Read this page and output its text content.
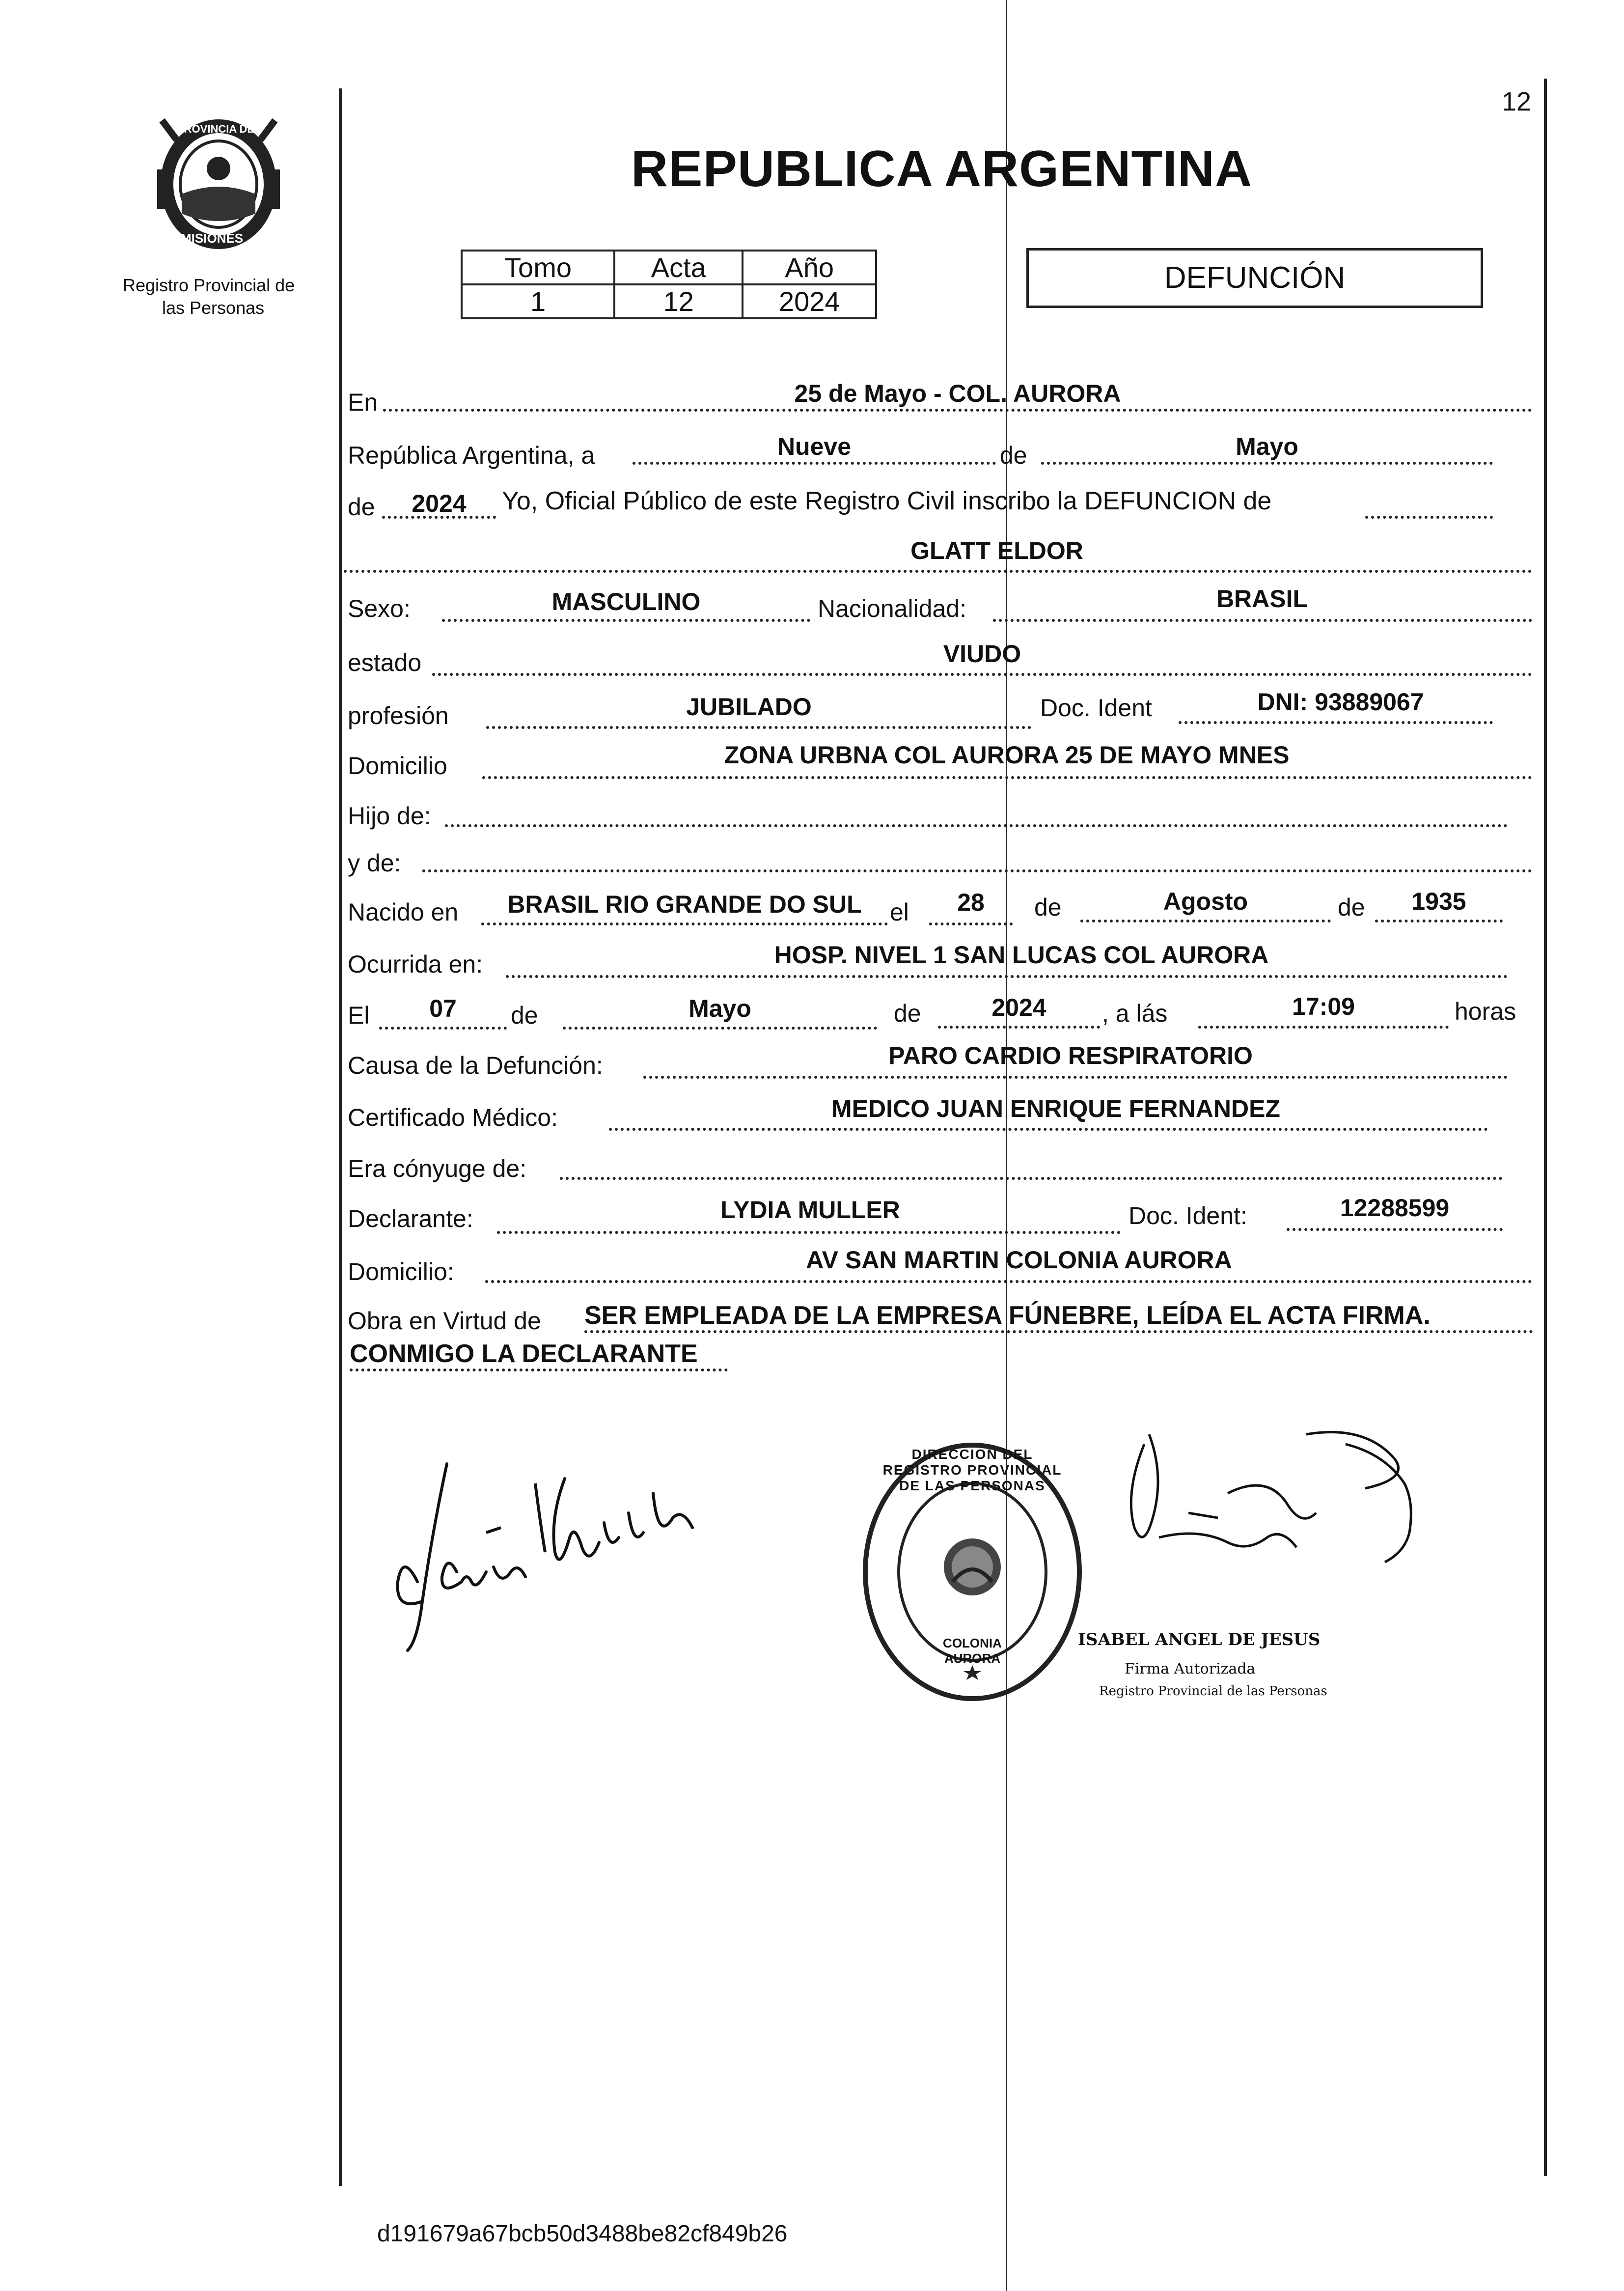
12
PROVINCIA DE
MISIONES
Registro Provincial de
las Personas
REPUBLICA ARGENTINA
Tomo	Acta	Año
1	12	2024
DEFUNCIÓN
En	25 de Mayo - COL. AURORA
República Argentina, a	Nueve	de	Mayo
de	2024	Yo, Oficial Público de este Registro Civil inscribo la DEFUNCION de
GLATT ELDOR
Sexo:	MASCULINO	Nacionalidad:	BRASIL
estado	VIUDO
profesión	JUBILADO	Doc. Ident	DNI: 93889067
Domicilio	ZONA URBNA COL AURORA 25 DE MAYO MNES
Hijo de:
y de:
Nacido en	BRASIL RIO GRANDE DO SUL	el	28	de	Agosto	de	1935
Ocurrida en:	HOSP. NIVEL 1 SAN LUCAS COL AURORA
El	07	de	Mayo	de	2024	, a lás	17:09	horas
Causa de la Defunción:	PARO CARDIO RESPIRATORIO
Certificado Médico:	MEDICO JUAN ENRIQUE FERNANDEZ
Era cónyuge de:
Declarante:	LYDIA MULLER	Doc. Ident:	12288599
Domicilio:	AV SAN MARTIN COLONIA AURORA
Obra en Virtud de SER EMPLEADA DE LA EMPRESA FÚNEBRE, LEÍDA EL ACTA FIRMA.
CONMIGO LA DECLARANTE
DIRECCION DEL REGISTRO PROVINCIAL DE LAS PERSONAS
COLONIA AURORA
ISABEL ANGEL DE JESUS
Firma Autorizada
Registro Provincial de las Personas
d191679a67bcb50d3488be82cf849b26
